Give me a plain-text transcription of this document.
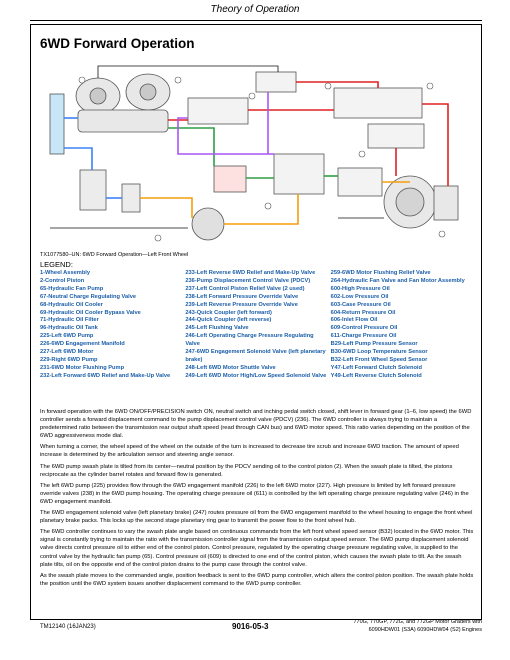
Theory of Operation
6WD Forward Operation
TX1077580–UN: 6WD Forward Operation—Left Front Wheel
LEGEND:
1-Wheel Assembly
2-Control Piston
65-Hydraulic Fan Pump
67-Neutral Charge Regulating Valve
68-Hydraulic Oil Cooler
69-Hydraulic Oil Cooler Bypass Valve
71-Hydraulic Oil Filter
96-Hydraulic Oil Tank
225-Left 6WD Pump
226-6WD Engagement Manifold
227-Left 6WD Motor
229-Right 6WD Pump
231-6WD Motor Flushing Pump
232-Left Forward 6WD Relief and Make-Up Valve
233-Left Reverse 6WD Relief and Make-Up Valve
236-Pump Displacement Control Valve (PDCV)
237-Left Control Piston Relief Valve (2 used)
238-Left Forward Pressure Override Valve
239-Left Reverse Pressure Override Valve
243-Quick Coupler (left forward)
244-Quick Coupler (left reverse)
245-Left Flushing Valve
246-Left Operating Charge Pressure Regulating Valve
247-6WD Engagement Solenoid Valve (left planetary brake)
248-Left 6WD Motor Shuttle Valve
249-Left 6WD Motor High/Low Speed Solenoid Valve
259-6WD Motor Flushing Relief Valve
264-Hydraulic Fan Valve and Fan Motor Assembly
600-High Pressure Oil
602-Low Pressure Oil
603-Case Pressure Oil
604-Return Pressure Oil
606-Inlet Flow Oil
609-Control Pressure Oil
611-Charge Pressure Oil
B29-Left Pump Pressure Sensor
B30-6WD Loop Temperature Sensor
B32-Left Front Wheel Speed Sensor
Y47-Left Forward Clutch Solenoid
Y49-Left Reverse Clutch Solenoid

In forward operation with the 6WD ON/OFF/PRECISION switch ON, neutral switch and inching pedal switch closed, shift lever in forward gear (1–6, low speed) the 6WD controller sends a forward displacement command to the pump displacement control valve (PDCV) (236). The 6WD controller is always trying to maintain a predetermined ratio between the transmission rear output shaft speed (read through CAN bus) and 6WD motor speed. This ratio varies depending on the position of the 6WD aggressiveness mode dial.

When turning a corner, the wheel speed of the wheel on the outside of the turn is increased to decrease tire scrub and increase 6WD traction. The amount of speed increase is determined by the articulation sensor and steering angle sensor.

The 6WD pump swash plate is tilted from its center—neutral position by the PDCV sending oil to the control piston (2). When the swash plate is tilted, the pistons reciprocate as the cylinder barrel rotates and forward flow is generated.

The left 6WD pump (225) provides flow through the 6WD engagement manifold (226) to the left 6WD motor (227). High pressure is limited by left forward pressure override valves (238) in the 6WD pump housing. The operating charge pressure oil (611) is controlled by the left operating charge pressure regulating valve (246) in the 6WD engagement manifold.

The 6WD engagement solenoid valve (left planetary brake) (247) routes pressure oil from the 6WD engagement manifold to the wheel housing to engage the front wheel planetary brake packs. This locks up the second stage planetary ring gear to transmit the power flow to the front wheel hub.

The 6WD controller continues to vary the swash plate angle based on continuous commands from the left front wheel speed sensor (B32) located in the 6WD motor. This signal is constantly trying to maintain the ratio with the transmission controller signal from the transmission output speed sensor. The 6WD pump displacement solenoid valve directs control pressure oil to either end of the control piston. Control pressure, regulated by the operating charge pressure regulating valve, is supplied to the control valve by the hydraulic fan pump (65). Control pressure oil (609) is directed to one end of the control piston, which causes the swash plate to tilt. As the swash plate tilts, oil on the opposite end of the control piston drains to the pump case through the control valve.

As the swash plate moves to the commanded angle, position feedback is sent to the 6WD pump controller, which alters the control piston position. The swash plate holds the position until the 6WD system issues another displacement command to the 6WD pump controller.

TM12140 (16JAN23)	9016-05-3	770G, 770GP, 772G, and 772GP Motor Graders with
6090HDW01 (S3A) 6090HDW04 (S2) Engines
